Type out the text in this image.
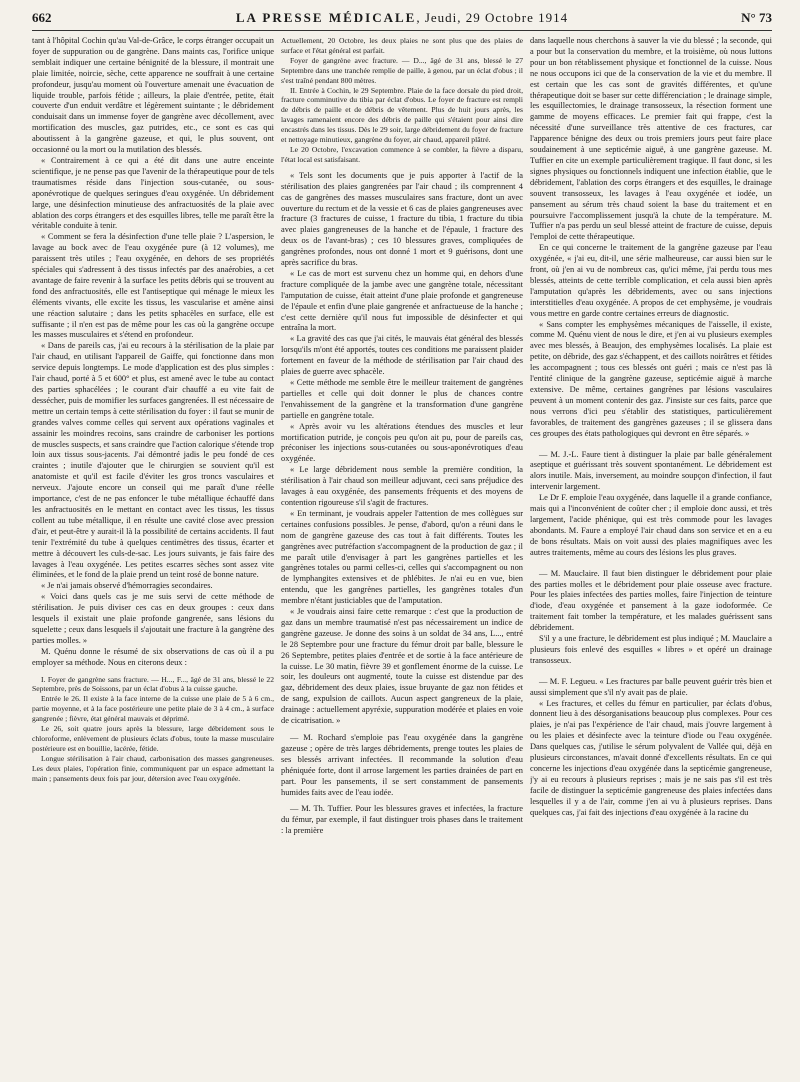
662	LA PRESSE MÉDICALE, Jeudi, 29 Octobre 1914	N° 73

tant à l'hôpital Cochin qu'au Val-de-Grâce, le corps étranger occupait un foyer de suppuration ou de gangrène. Dans maints cas, l'orifice unique semblait indiquer une certaine bénignité de la blessure, il montrait une plaie limitée, noircie, sèche, cette apparence ne souffrait à une certaine profondeur, jusqu'au moment où l'ouverture amenait une évacuation de liquide trouble, parfois fétide ; ailleurs, la plaie d'entrée, petite, était couverte d'un enduit verdâtre et légèrement suintante ; le débridement conduisait dans un immense foyer de gangrène avec décollement, avec mortification des muscles, gaz putrides, etc., ce sont es cas qui aboutissent à la gangrène gazeuse, et qui, le plus souvent, ont occasionné ou la mort ou la mutilation des blessés.

« Contrairement à ce qui a été dit dans une autre enceinte scientifique, je ne pense pas que l'avenir de la thérapeutique pour de tels traumatismes réside dans l'injection sous-cutanée, ou sous-aponévrotique de quelques seringues d'eau oxygénée. Un débridement large, une désinfection minutieuse des anfractuosités de la plaie avec ablation des corps étrangers et des esquilles libres, telle me paraît être la véritable conduite à tenir.

« Comment se fera la désinfection d'une telle plaie ? L'aspersion, le lavage au bock avec de l'eau oxygénée pure (à 12 volumes), me paraissent très utiles ; l'eau oxygénée, en dehors de ses propriétés spéciales qui s'adressent à des tissus infectés par des anaérobies, a cet avantage de faire revenir à la surface les petits débris qui se trouvent au fond des anfractuosités, elle est l'antiseptique qui ménage le mieux les éléments vivants, elle excite les tissus, les vascularise et amène ainsi une réaction salutaire ; dans les petits sphacèles en surface, elle est suffisante ; il n'en est pas de même pour les cas où la gangrène occupe les masses musculaires et s'étend en profondeur.

« Dans de pareils cas, j'ai eu recours à la stérilisation de la plaie par l'air chaud, en utilisant l'appareil de Gaiffe, qui fonctionne dans mon service depuis longtemps. Le mode d'application est des plus simples : l'air chaud, porté à 5 et 600° et plus, est amené avec le tube au contact des parties sphacélées ; le courant d'air chauffé a eu vite fait de dessécher, puis de momifier les surfaces gangrenées. Il est nécessaire de mettre un certain temps à cette stérilisation du foyer : il faut se munir de grandes valves comme celles qui servent aux opérations vaginales et assainir les moindres recoins, sans craindre de carboniser les portions de muscles suspects, et sans craindre que l'action calorique s'étende trop loin aux tissus sous-jacents. J'ai démontré jadis le peu fondé de ces craintes ; inutile d'ajouter que le chirurgien se souvient qu'il est anatomiste et qu'il est facile d'éviter les gros troncs vasculaires et nerveux. J'ajoute encore un conseil qui me paraît d'une réelle importance, c'est de ne pas enfoncer le tube métallique échauffé dans les anfractuosités en le mettant en contact avec les tissus, les tissus collent au tube métallique, il en résulte une cavité close avec pression d'air, et peut-être y aurait-il là la possibilité de certains accidents. Il faut tenir l'extrémité du tube à quelques centimètres des tissus, écarter et mettre à découvert les culs-de-sac. Les jours suivants, je fais faire des lavages à l'eau oxygénée. Les petites escarres sèches sont assez vite éliminées, et le fond de la plaie prend un teint rosé de bonne nature.

« Je n'ai jamais observé d'hémorragies secondaires.

« Voici dans quels cas je me suis servi de cette méthode de stérilisation. Je puis diviser ces cas en deux groupes : ceux dans lesquels il existait une plaie profonde gangrenée, sans lésions du squelette ; ceux dans lesquels il s'ajoutait une fracture à la gangrène des parties molles. »

M. Quénu donne le résumé de six observations de cas où il a pu employer sa méthode. Nous en citerons deux :

I. Foyer de gangrène sans fracture. — H..., F..., âgé de 31 ans, blessé le 22 Septembre, près de Soissons, par un éclat d'obus à la cuisse gauche.

Entrée le 26. Il existe à la face interne de la cuisse une plaie de 5 à 6 cm., partie moyenne, et à la face postérieure une petite plaie de 3 à 4 cm., à surface gangrenée ; fièvre, état général mauvais et déprimé.

Le 26, soit quatre jours après la blessure, large débridement sous le chloroforme, enlèvement de plusieurs éclats d'obus, toute la masse musculaire postérieure est en bouillie, lacérée, fétide.

Longue stérilisation à l'air chaud, carbonisation des masses gangreneuses. Les deux plaies, l'opération finie, communiquent par un espace admettant la main ; pansements deux fois par jour, détersion avec l'eau oxygénée.

Actuellement, 20 Octobre, les deux plaies ne sont plus que des plaies de surface et l'état général est parfait.

Foyer de gangrène avec fracture. — D..., âgé de 31 ans, blessé le 27 Septembre dans une tranchée remplie de paille, à genou, par un éclat d'obus ; il s'est traîné pendant 800 mètres.

II. Entrée à Cochin, le 29 Septembre. Plaie de la face dorsale du pied droit, fracture comminutive du tibia par éclat d'obus. Le foyer de fracture est rempli de débris de paille et de débris de vêtement. Plus de huit jours après, les lavages ramenaient encore des débris de paille qui s'étaient pour ainsi dire encastrés dans les tissus. Dès le 29 soir, large débridement du foyer de fracture et nettoyage minutieux, gangrène du foyer, air chaud, appareil plâtré.

Le 20 Octobre, l'excavation commence à se combler, la fièvre a disparu, l'état local est satisfaisant.

« Tels sont les documents que je puis apporter à l'actif de la stérilisation des plaies gangrenées par l'air chaud ; ils comprennent 4 cas de gangrènes des masses musculaires sans fracture, dont un avec ouverture du rectum et de la vessie et 6 cas de plaies gangreneuses avec fracture (3 fractures de cuisse, 1 fracture du tibia, 1 fracture du tibia avec plaies gangreneuses de la hanche et de l'épaule, 1 fracture des deux os de l'avant-bras) ; ces 10 blessures graves, compliquées de gangrènes profondes, nous ont donné 1 mort et 9 guérisons, dont une après sacrifice du bras.

« Le cas de mort est survenu chez un homme qui, en dehors d'une fracture compliquée de la jambe avec une gangrène totale, nécessitant l'amputation de cuisse, était atteint d'une plaie profonde et gangreneuse de l'épaule et enfin d'une plaie gangrenée et anfractueuse de la hanche ; c'est cette dernière qu'il nous fut impossible de désinfecter et qui entraîna la mort.

« La gravité des cas que j'ai cités, le mauvais état général des blessés lorsqu'ils m'ont été apportés, toutes ces conditions me paraissent plaider fortement en faveur de la méthode de stérilisation par l'air chaud des plaies de guerre avec sphacèle.

« Cette méthode me semble être le meilleur traitement de gangrènes partielles et celle qui doit donner le plus de chances contre l'envahissement de la gangrène et la transformation d'une gangrène partielle en gangrène totale.

« Après avoir vu les altérations étendues des muscles et leur mortification putride, je conçois peu qu'on ait pu, pour de pareils cas, préconiser les injections sous-cutanées ou sous-aponévrotiques d'eau oxygénée.

« Le large débridement nous semble la première condition, la stérilisation à l'air chaud son meilleur adjuvant, ceci sans préjudice des lavages à eau oxygénée, des pansements fréquents et des moyens de contention rigoureuse s'il s'agit de fractures.

« En terminant, je voudrais appeler l'attention de mes collègues sur certaines confusions possibles. Je pense, d'abord, qu'on a réuni dans le nom de gangrène gazeuse des cas tout à fait différents. Toutes les gangrènes avec putréfaction s'accompagnent de la production de gaz ; il me paraît utile d'envisager à part les gangrènes partielles et les gangrènes totales ou parmi celles-ci, celles qui s'accompagnent ou non de lymphangites extensives et de phlébites. Je n'ai eu en vue, bien entendu, que les gangrènes partielles, les gangrènes totales d'un membre n'étant justiciables que de l'amputation.

« Je voudrais ainsi faire cette remarque : c'est que la production de gaz dans un membre traumatisé n'est pas nécessairement un indice de gangrène gazeuse. Je donne des soins à un soldat de 34 ans, L..., entré le 28 Septembre pour une fracture du fémur droit par balle, blessure le 26 Septembre, petites plaies d'entrée et de sortie à la face antérieure de la cuisse. Le 30 matin, fièvre 39 et gonflement énorme de la cuisse. Le soir, les douleurs ont augmenté, toute la cuisse est distendue par des gaz, débridement des deux plaies, issue bruyante de gaz non fétides et de sang, expulsion de caillots. Aucun aspect gangreneux de la plaie, drainage : actuellement apyréxie, suppuration modérée et plaies en voie de cicatrisation. »

— M. Rochard s'emploie pas l'eau oxygénée dans la gangrène gazeuse ; opère de très larges débridements, prenge toutes les plaies de ses blessés arrivant infectées. Il recommande la solution d'eau phéniquée forte, dont il arrose largement les parties drainées de part en part. Pour les pansements, il se sert constamment de pansements humides faits avec de l'eau iodée.

— M. Th. Tuffier. Pour les blessures graves et infectées, la fracture du fémur, par exemple, il faut distinguer trois phases dans le traitement : la première

dans laquelle nous cherchons à sauver la vie du blessé ; la seconde, qui a pour but la conservation du membre, et la troisième, où nous luttons pour un bon rétablissement physique et fonctionnel de la cuisse. Nous ne nous occupons ici que de la conservation de la vie et du membre. Il est certain que les cas sont de gravités différentes, et qu'une thérapeutique doit se baser sur cette différenciation ; le drainage simple, les esquillectomies, le drainage transosseux, la résection forment une gamme de moyens efficaces. Le premier fait qui frappe, c'est la nécessité d'une surveillance très attentive de ces fractures, car l'apparence bénigne des deux ou trois premiers jours peut faire place soudainement à une septicémie aiguë, à une gangrène gazeuse. M. Tuffier en cite un exemple particulièrement tragique. Il faut donc, si les signes physiques ou fonctionnels indiquent une infection établie, que le débridement, l'ablation des corps étrangers et des esquilles, le drainage souvent transosseux, les lavages à l'eau oxygénée et iodée, un pansement au sérum très chaud soient la base du traitement et en poursuivre l'accomplissement jusqu'à la chute de la température. M. Tuffier n'a pas perdu un seul blessé atteint de fracture de cuisse, depuis l'emploi de cette thérapeutique.

En ce qui concerne le traitement de la gangrène gazeuse par l'eau oxygénée, « j'ai eu, dit-il, une série malheureuse, car aussi bien sur le front, où j'en ai vu de nombreux cas, qu'ici même, j'ai perdu tous mes blessés, atteints de cette terrible complication, et cela aussi bien après l'amputation qu'après les débridements, avec ou sans injections interstitielles d'eau oxygénée. A propos de cet emphysème, je voudrais vous mettre en garde contre certaines erreurs de diagnostic.

« Sans compter les emphysèmes mécaniques de l'aisselle, il existe, comme M. Quénu vient de nous le dire, et j'en ai vu plusieurs exemples avec mes blessés, à Beaujon, des emphysèmes localisés. La plaie est petite, on débride, des gaz s'échappent, et des caillots noirâtres et fétides les accompagnent ; tous ces blessés ont guéri ; mais ce n'est pas là l'entité clinique de la gangrène gazeuse, septicémie aiguë à marche extensive. De même, certaines gangrènes par lésions vasculaires peuvent à un moment contenir des gaz. J'insiste sur ces faits, parce que nous verrons d'ici peu s'établir des statistiques, particulièrement favorables, de traitement des gangrènes gazeuses ; il se glissera dans ces groupes des états pathologiques qui devront en être séparés. »

— M. J.-L. Faure tient à distinguer la plaie par balle généralement aseptique et guérissant très souvent spontanément. Le débridement est alors inutile. Mais, inversement, au moindre soupçon d'infection, il faut intervenir largement.

Le Dr F. emploie l'eau oxygénée, dans laquelle il a grande confiance, mais qui a l'inconvénient de coûter cher ; il emploie donc aussi, et très largement, l'acide phénique, qui est très commode pour les lavages abondants. M. Faure a employé l'air chaud dans son service et en a eu de bons résultats. Mais on voit aussi des plaies magnifiques avec les autres traitements, même au cours des lésions les plus graves.

— M. Mauclaire. Il faut bien distinguer le débridement pour plaie des parties molles et le débridement pour plaie osseuse avec fracture. Pour les plaies infectées des parties molles, faire l'injection de teinture d'iode, d'eau oxygénée et pansement à la gaze iodoformée. Ce traitement fait tomber la température, et les malades guérissent sans débridement.

S'il y a une fracture, le débridement est plus indiqué ; M. Mauclaire a plusieurs fois enlevé des esquilles « libres » et opéré un drainage transosseux.

— M. F. Legueu. « Les fractures par balle peuvent guérir très bien et aussi simplement que s'il n'y avait pas de plaie.

« Les fractures, et celles du fémur en particulier, par éclats d'obus, donnent lieu à des désorganisations beaucoup plus complexes. Pour ces plaies, je n'ai pas l'expérience de l'air chaud, mais j'ouvre largement à ou les plaies et désinfecte avec la teinture d'iode ou l'eau oxygénée. Dans quelques cas, j'utilise le sérum polyvalent de Vallée qui, déjà en plusieurs circonstances, m'avait donné d'excellents résultats. En ce qui concerne les injections d'eau oxygénée dans la septicémie gangreneuse, j'y ai eu recours à plusieurs reprises ; mais je ne sais pas s'il est très facile de distinguer la septicémie gangreneuse des plaies infectées dans lesquelles il y a de l'air, comme j'en ai vu à plusieurs reprises. Dans quelques cas, j'ai fait des injections d'eau oxygénée à la racine du
